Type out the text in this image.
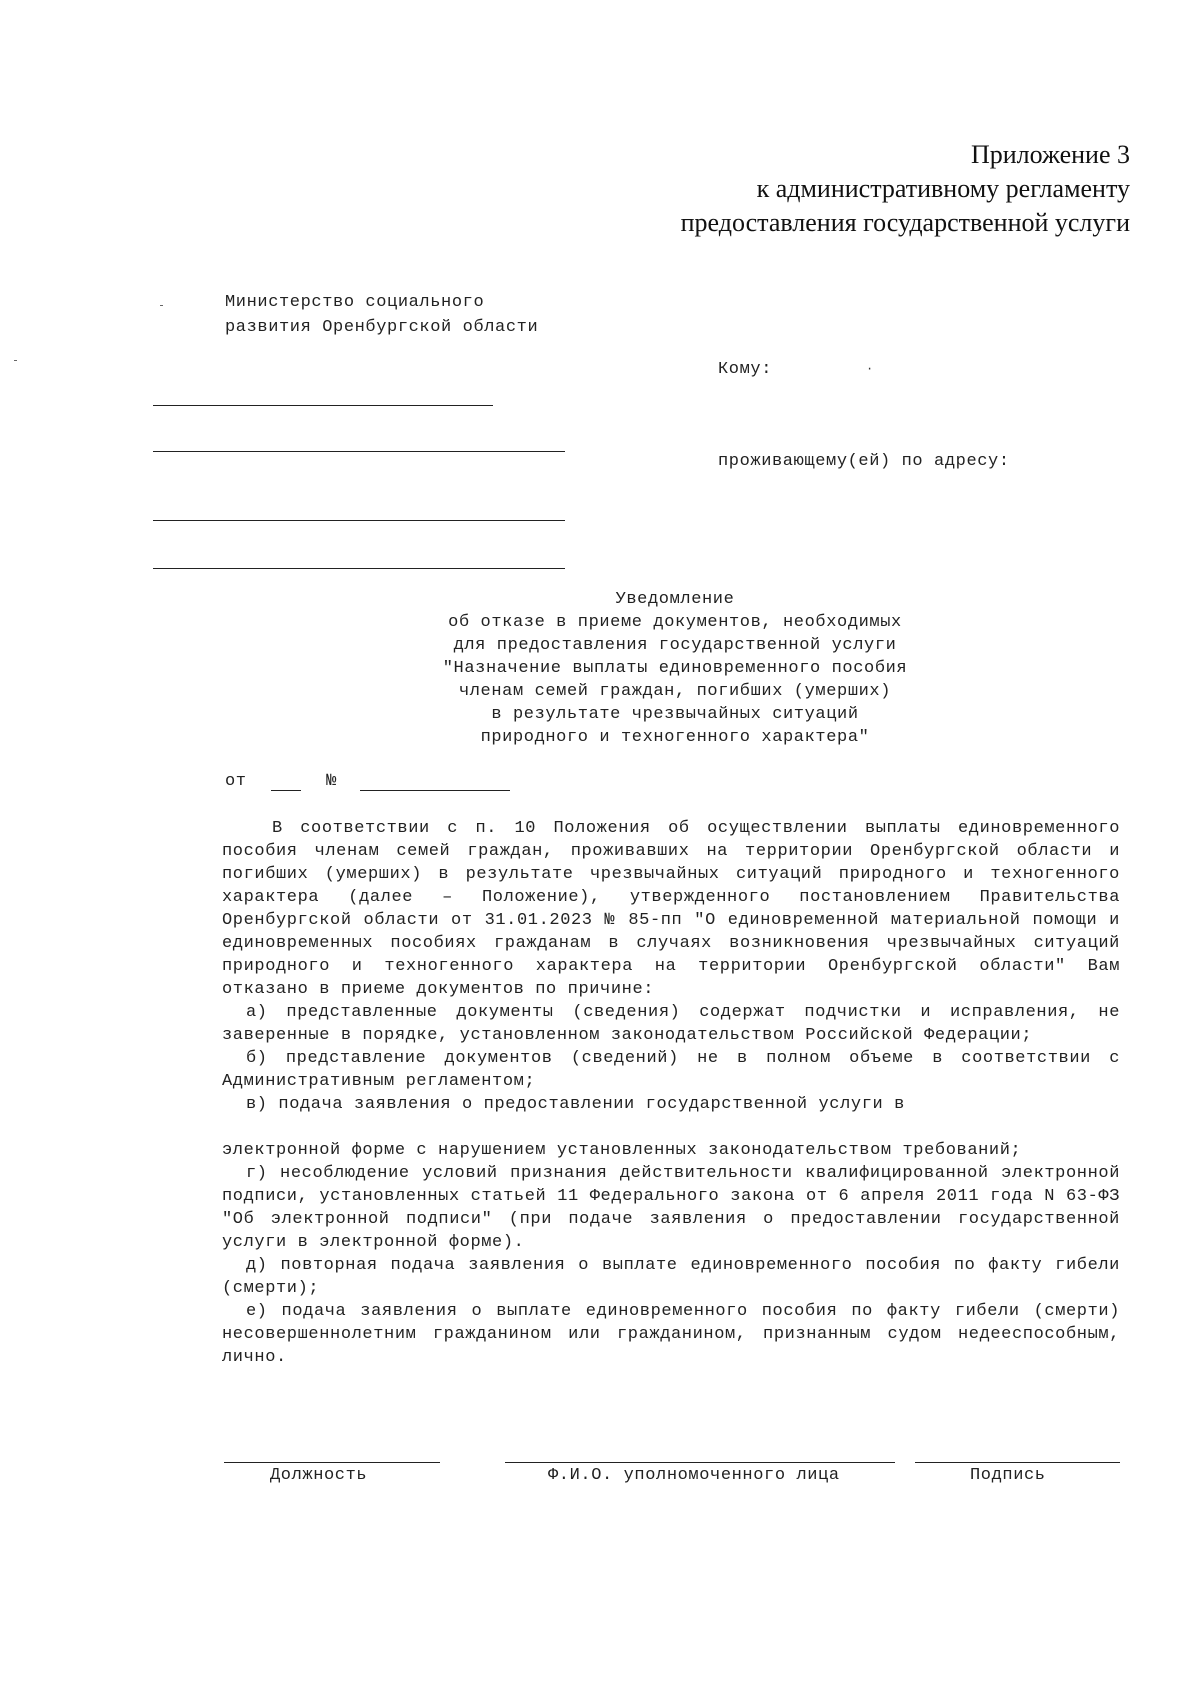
Приложение 3
к административному регламенту
предоставления государственной услуги
Министерство социального
развития Оренбургской области
Кому:	·
проживающему(ей) по адресу:
Уведомление
об отказе в приеме документов, необходимых
для предоставления государственной услуги
"Назначение выплаты единовременного пособия
членам семей граждан, погибших (умерших)
в результате чрезвычайных ситуаций
природного и техногенного характера"
от	№

В соответствии с п. 10 Положения об осуществлении выплаты единовременного пособия членам семей граждан, проживавших на территории Оренбургской области и погибших (умерших) в результате чрезвычайных ситуаций природного и техногенного характера (далее – Положение), утвержденного постановлением Правительства Оренбургской области от 31.01.2023 № 85-пп "О единовременной материальной помощи и единовременных пособиях гражданам в случаях возникновения чрезвычайных ситуаций природного и техногенного характера на территории Оренбургской области" Вам отказано в приеме документов по причине:

а) представленные документы (сведения) содержат подчистки и исправления, не заверенные в порядке, установленном законодательством Российской Федерации;

б) представление документов (сведений) не в полном объеме в соответствии с Административным регламентом;

в) подача заявления о предоставлении государственной услуги в

электронной форме с нарушением установленных законодательством требований;

г) несоблюдение условий признания действительности квалифицированной электронной подписи, установленных статьей 11 Федерального закона от 6 апреля 2011 года N 63-ФЗ "Об электронной подписи" (при подаче заявления о предоставлении государственной услуги в электронной форме).

д) повторная подача заявления о выплате единовременного пособия по факту гибели (смерти);

е) подача заявления о выплате единовременного пособия по факту гибели (смерти) несовершеннолетним гражданином или гражданином, признанным судом недееспособным, лично.

Должность	Ф.И.О. уполномоченного лица	Подпись
